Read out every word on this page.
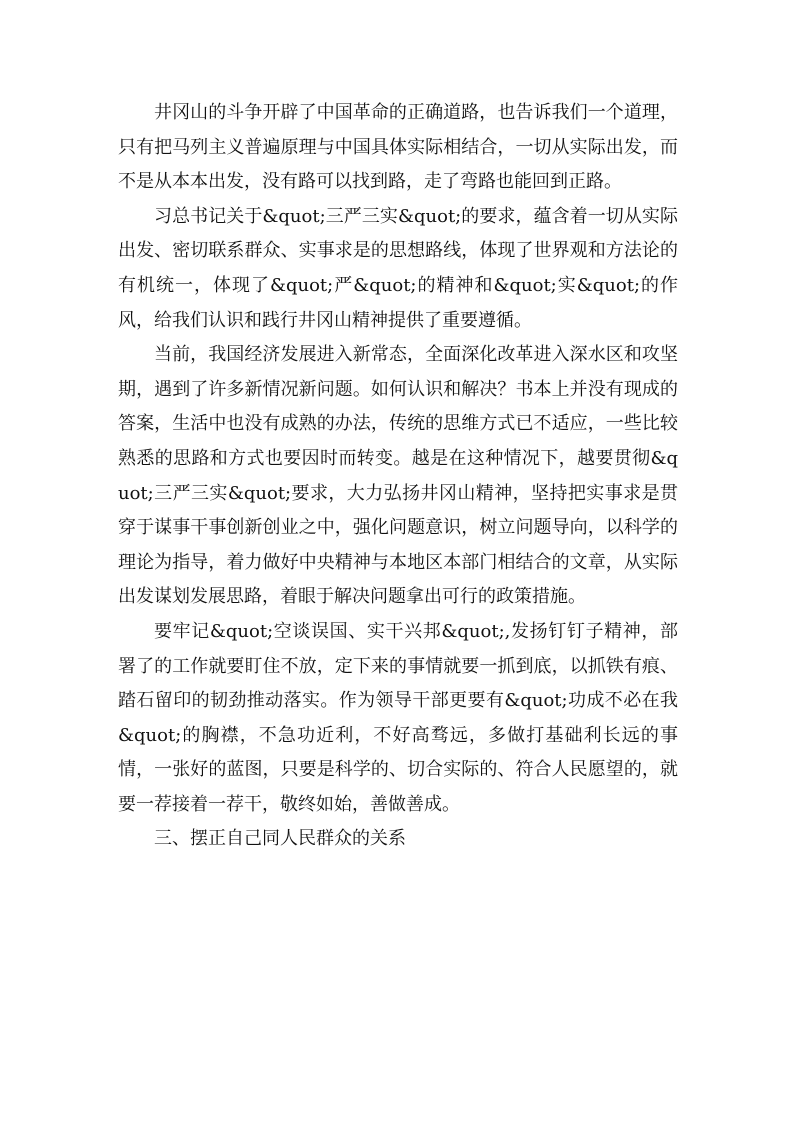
井冈山的斗争开辟了中国革命的正确道路，也告诉我们一个道理，只有把马列主义普遍原理与中国具体实际相结合，一切从实际出发，而不是从本本出发，没有路可以找到路，走了弯路也能回到正路。

习总书记关于&quot;三严三实&quot;的要求，蕴含着一切从实际出发、密切联系群众、实事求是的思想路线，体现了世界观和方法论的有机统一，体现了&quot;严&quot;的精神和&quot;实&quot;的作风，给我们认识和践行井冈山精神提供了重要遵循。

当前，我国经济发展进入新常态，全面深化改革进入深水区和攻坚期，遇到了许多新情况新问题。如何认识和解决？书本上并没有现成的答案，生活中也没有成熟的办法，传统的思维方式已不适应，一些比较熟悉的思路和方式也要因时而转变。越是在这种情况下，越要贯彻&quot;三严三实&quot;要求，大力弘扬井冈山精神，坚持把实事求是贯穿于谋事干事创新创业之中，强化问题意识，树立问题导向，以科学的理论为指导，着力做好中央精神与本地区本部门相结合的文章，从实际出发谋划发展思路，着眼于解决问题拿出可行的政策措施。

要牢记&quot;空谈误国、实干兴邦&quot;,发扬钉钉子精神，部署了的工作就要盯住不放，定下来的事情就要一抓到底，以抓铁有痕、踏石留印的韧劲推动落实。作为领导干部更要有&quot;功成不必在我&quot;的胸襟，不急功近利，不好高骛远，多做打基础利长远的事情，一张好的蓝图，只要是科学的、切合实际的、符合人民愿望的，就要一荐接着一荐干，敬终如始，善做善成。

三、摆正自己同人民群众的关系
